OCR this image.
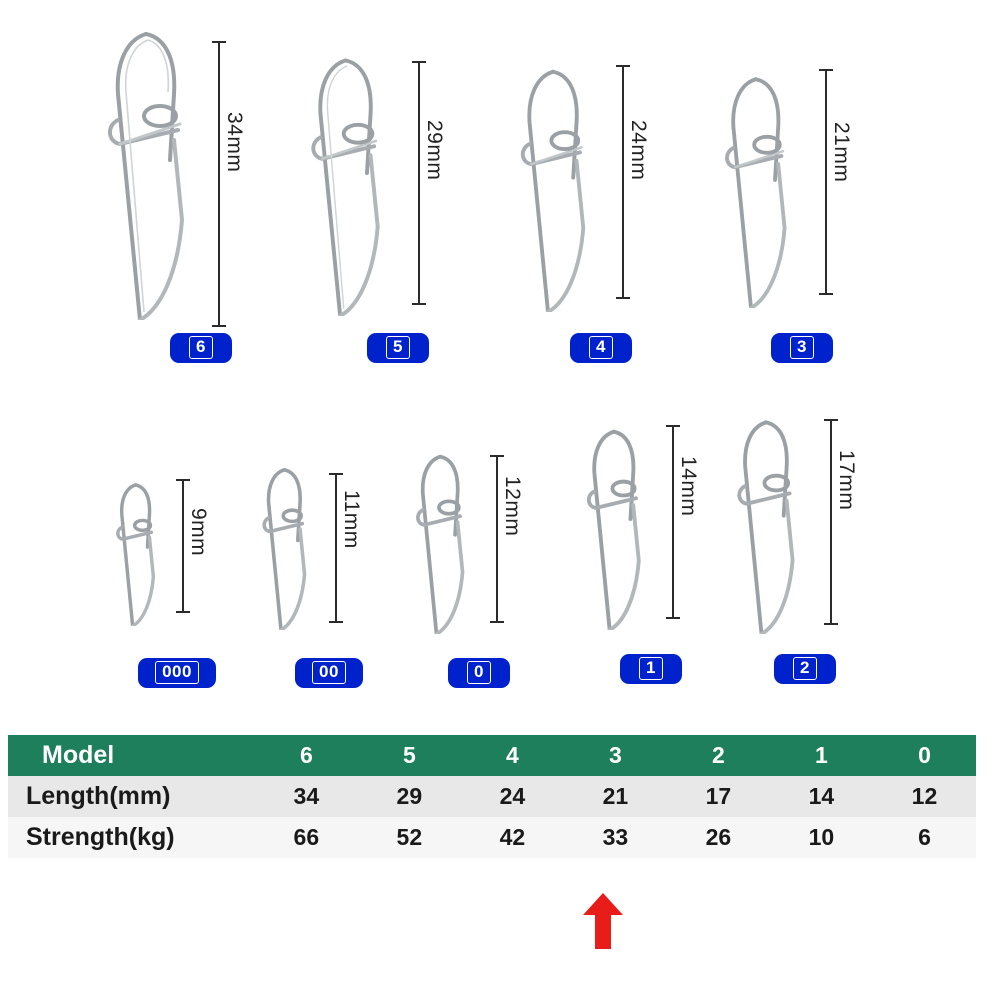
34mm
6
29mm
5
24mm
4
21mm
3
9mm
000
11mm
00
12mm
0
14mm
1
17mm
2
Model	6	5	4	3	2	1	0
Length(mm)	34	29	24	21	17	14	12
Strength(kg)	66	52	42	33	26	10	6
